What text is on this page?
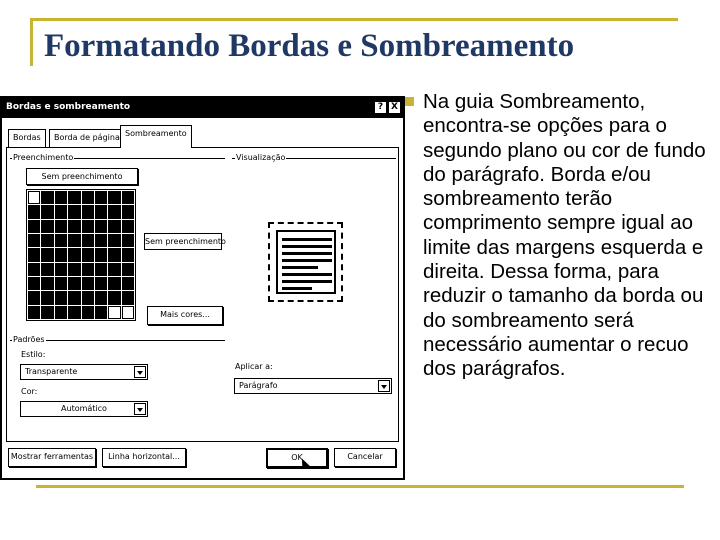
Formatando Bordas e Sombreamento
Na guia Sombreamento, encontra-se opções para o segundo plano ou cor de fundo do parágrafo. Borda e/ou sombreamento terão comprimento sempre igual ao limite das margens esquerda e direita. Dessa forma, para reduzir o tamanho da borda ou do sombreamento será necessário aumentar o recuo dos parágrafos.
Bordas e sombreamento	? X
Bordas	Borda de página Sombreamento
Preenchimento
Sem preenchimento
Sem preenchimento
Mais cores...
Visualização
Padrões
Estilo:
Transparente
Cor:
Automático
Aplicar a:
Parágrafo
Mostrar ferramentas	Linha horizontal...	OK	Cancelar
